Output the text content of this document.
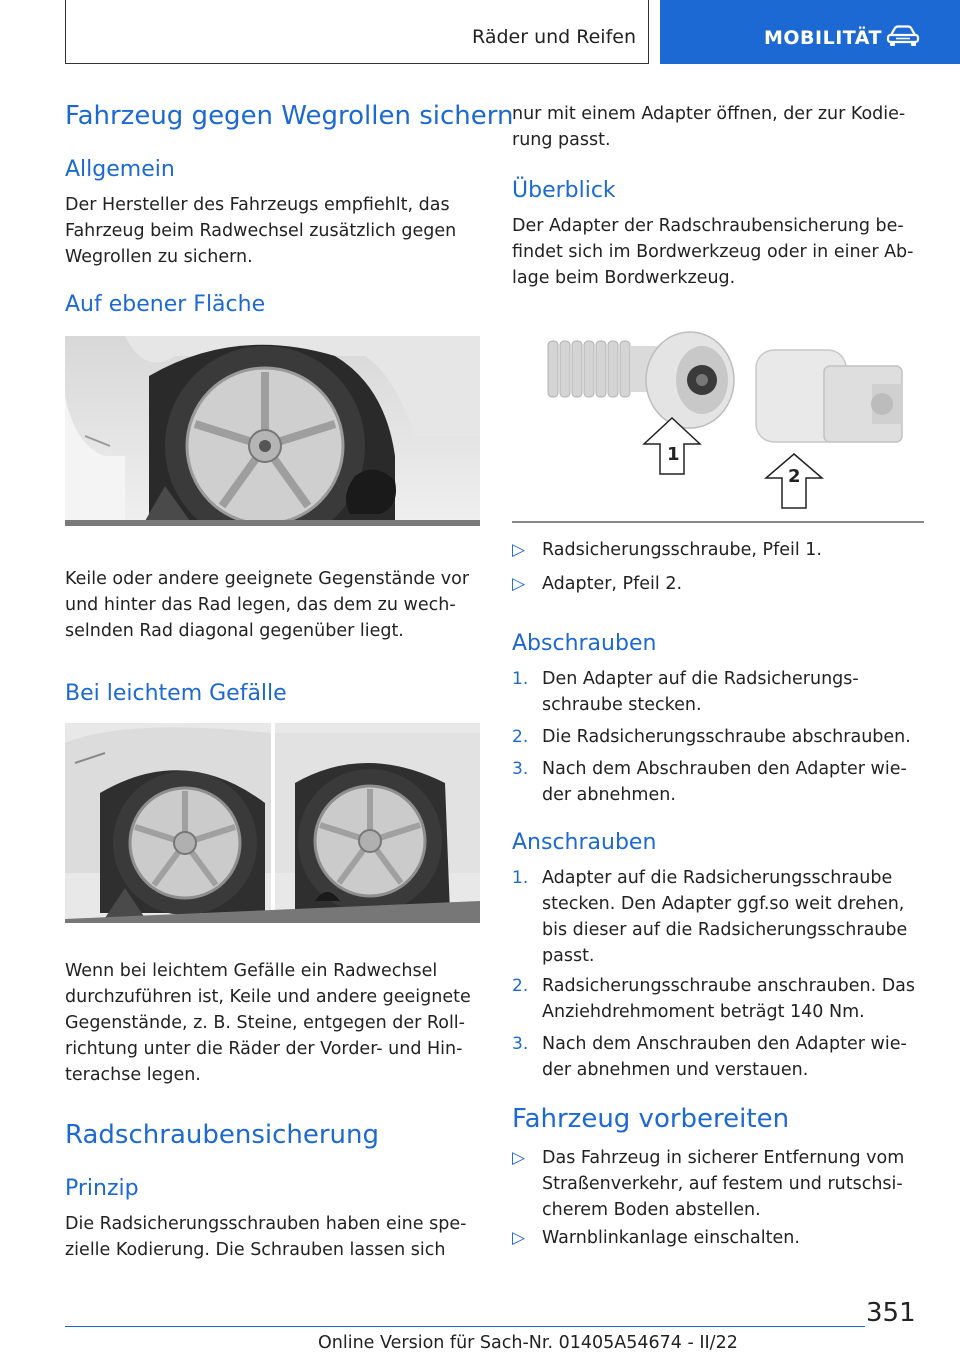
Räder und Reifen	MOBILITÄT
Fahrzeug gegen Wegrollen sichern
Allgemein
Der Hersteller des Fahrzeugs empfiehlt, das
Fahrzeug beim Radwechsel zusätzlich gegen
Wegrollen zu sichern.
Auf ebener Fläche
Keile oder andere geeignete Gegenstände vor
und hinter das Rad legen, das dem zu wech‐
selnden Rad diagonal gegenüber liegt.
Bei leichtem Gefälle
Wenn bei leichtem Gefälle ein Radwechsel
durchzuführen ist, Keile und andere geeignete
Gegenstände, z. B. Steine, entgegen der Roll‐
richtung unter die Räder der Vorder- und Hin‐
terachse legen.
Radschraubensicherung
Prinzip
Die Radsicherungsschrauben haben eine spe‐
zielle Kodierung. Die Schrauben lassen sich
nur mit einem Adapter öffnen, der zur Kodie‐
rung passt.
Überblick
Der Adapter der Radschraubensicherung be‐
findet sich im Bordwerkzeug oder in einer Ab‐
lage beim Bordwerkzeug.
1
2
▷ Radsicherungsschraube, Pfeil 1.
▷ Adapter, Pfeil 2.
Abschrauben
1. Den Adapter auf die Radsicherungs‐
schraube stecken.
2. Die Radsicherungsschraube abschrauben.
3. Nach dem Abschrauben den Adapter wie‐
der abnehmen.
Anschrauben
1. Adapter auf die Radsicherungsschraube
stecken. Den Adapter ggf.so weit drehen,
bis dieser auf die Radsicherungsschraube
passt.
2. Radsicherungsschraube anschrauben. Das
Anziehdrehmoment beträgt 140 Nm.
3. Nach dem Anschrauben den Adapter wie‐
der abnehmen und verstauen.
Fahrzeug vorbereiten
▷ Das Fahrzeug in sicherer Entfernung vom
Straßenverkehr, auf festem und rutschsi‐
cherem Boden abstellen.
▷ Warnblinkanlage einschalten.
351
Online Version für Sach-Nr. 01405A54674 - II/22
